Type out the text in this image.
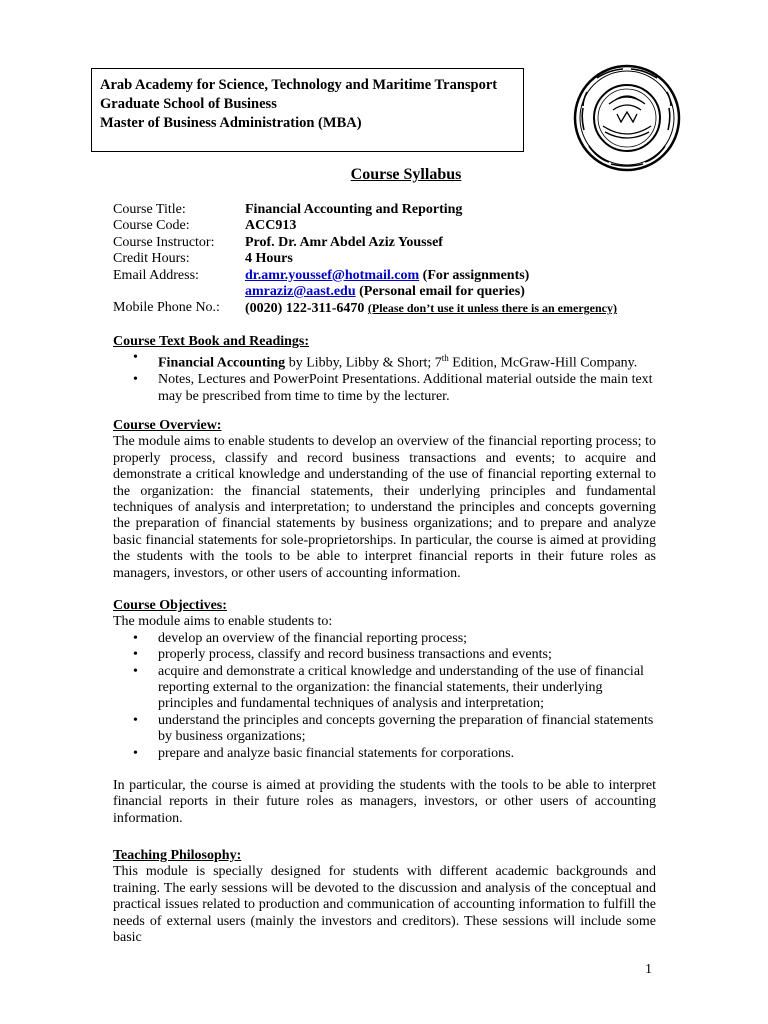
Arab Academy for Science, Technology and Maritime Transport
Graduate School of Business
Master of Business Administration (MBA)
Course Syllabus
Course Title:	Financial Accounting and Reporting
Course Code:	ACC913
Course Instructor:	Prof. Dr. Amr Abdel Aziz Youssef
Credit Hours:	4 Hours
Email Address:	dr.amr.youssef@hotmail.com (For assignments)
amraziz@aast.edu (Personal email for queries)
Mobile Phone No.:	(0020) 122-311-6470 (Please don’t use it unless there is an emergency)
Course Text Book and Readings:
• Financial Accounting by Libby, Libby & Short; 7th Edition, McGraw-Hill Company.
• Notes, Lectures and PowerPoint Presentations. Additional material outside the main text may be prescribed from time to time by the lecturer.
Course Overview:
The module aims to enable students to develop an overview of the financial reporting process; to properly process, classify and record business transactions and events; to acquire and demonstrate a critical knowledge and understanding of the use of financial reporting external to the organization: the financial statements, their underlying principles and fundamental techniques of analysis and interpretation; to understand the principles and concepts governing the preparation of financial statements by business organizations; and to prepare and analyze basic financial statements for sole-proprietorships. In particular, the course is aimed at providing the students with the tools to be able to interpret financial reports in their future roles as managers, investors, or other users of accounting information.
Course Objectives:
The module aims to enable students to:
• develop an overview of the financial reporting process;
• properly process, classify and record business transactions and events;
• acquire and demonstrate a critical knowledge and understanding of the use of financial reporting external to the organization: the financial statements, their underlying principles and fundamental techniques of analysis and interpretation;
• understand the principles and concepts governing the preparation of financial statements by business organizations;
• prepare and analyze basic financial statements for corporations.
In particular, the course is aimed at providing the students with the tools to be able to interpret financial reports in their future roles as managers, investors, or other users of accounting information.
Teaching Philosophy:
This module is specially designed for students with different academic backgrounds and training. The early sessions will be devoted to the discussion and analysis of the conceptual and practical issues related to production and communication of accounting information to fulfill the needs of external users (mainly the investors and creditors). These sessions will include some basic
1
